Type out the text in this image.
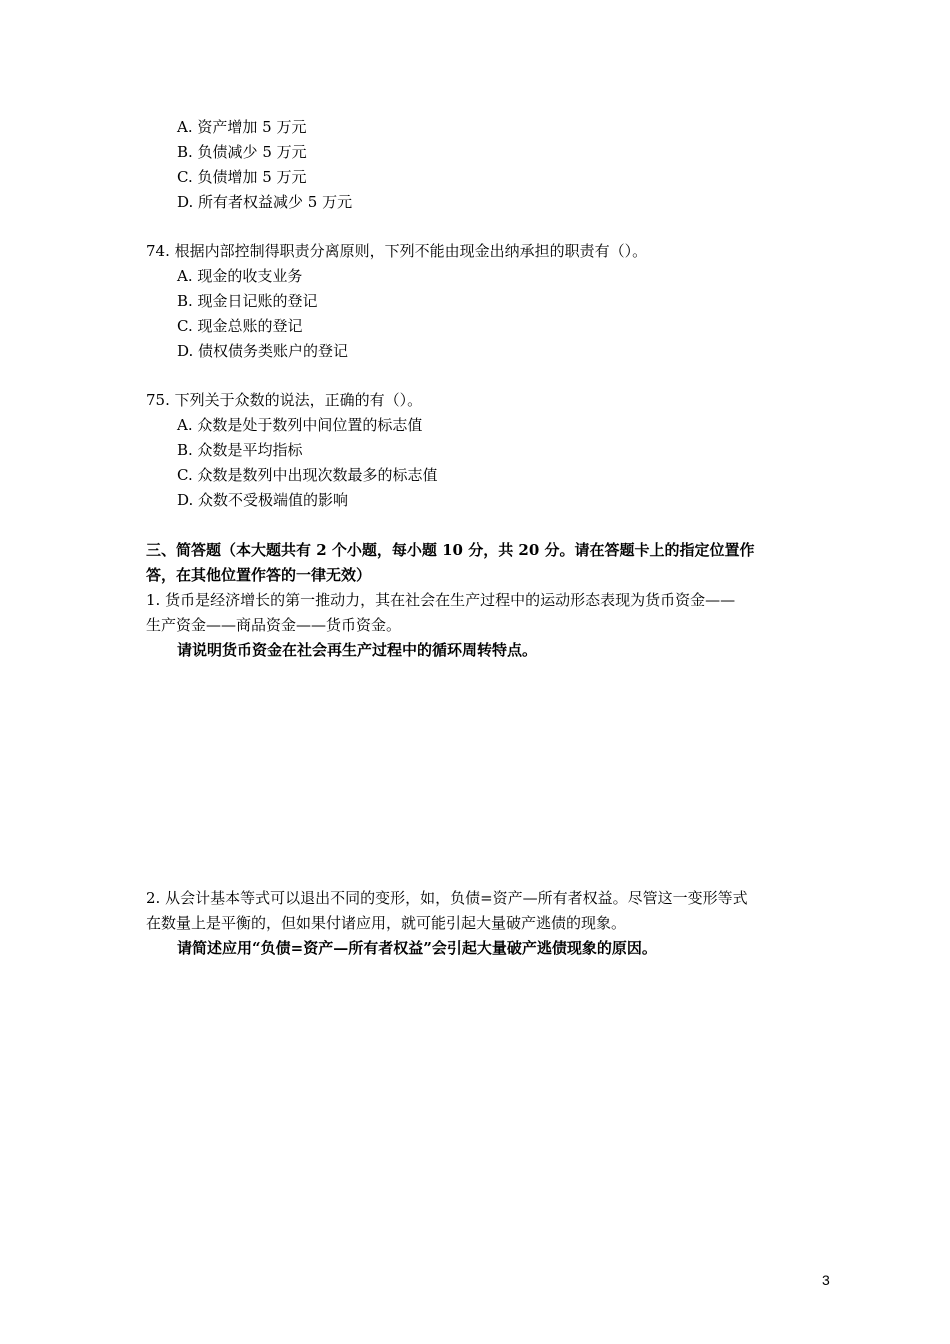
A. 资产增加 5 万元
B. 负债减少 5 万元
C. 负债增加 5 万元
D. 所有者权益减少 5 万元
74. 根据内部控制得职责分离原则，下列不能由现金出纳承担的职责有（）。
A. 现金的收支业务
B. 现金日记账的登记
C. 现金总账的登记
D. 债权债务类账户的登记
75. 下列关于众数的说法，正确的有（）。
A. 众数是处于数列中间位置的标志值
B. 众数是平均指标
C. 众数是数列中出现次数最多的标志值
D. 众数不受极端值的影响
三、简答题（本大题共有 2 个小题，每小题 10 分，共 20 分。请在答题卡上的指定位置作
答，在其他位置作答的一律无效）
1. 货币是经济增长的第一推动力，其在社会在生产过程中的运动形态表现为货币资金——
生产资金——商品资金——货币资金。
请说明货币资金在社会再生产过程中的循环周转特点。
2. 从会计基本等式可以退出不同的变形，如，负债=资产—所有者权益。尽管这一变形等式
在数量上是平衡的，但如果付诸应用，就可能引起大量破产逃债的现象。
请简述应用“负债=资产—所有者权益”会引起大量破产逃债现象的原因。
3
